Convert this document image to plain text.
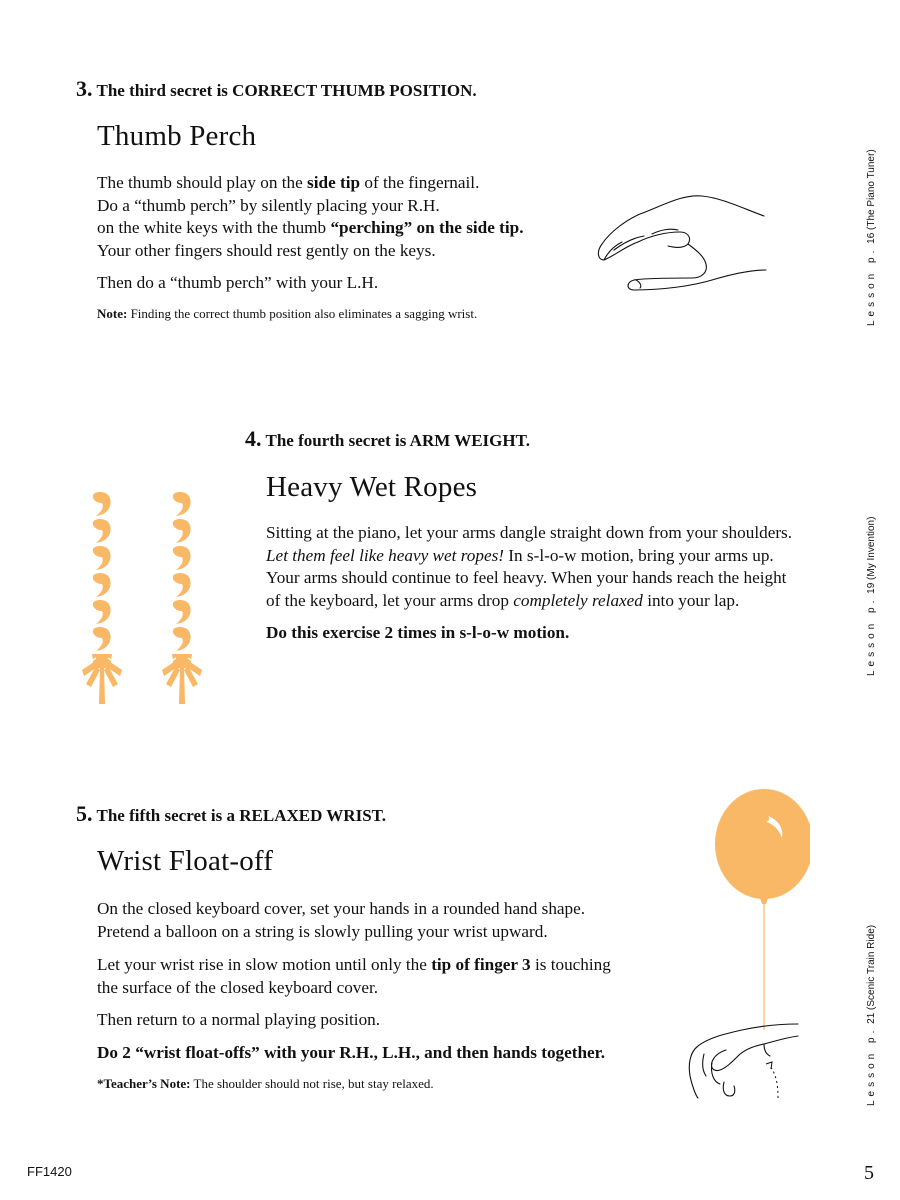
3. The third secret is CORRECT THUMB POSITION.
Thumb Perch

The thumb should play on the side tip of the fingernail.

Do a “thumb perch” by silently placing your R.H.

on the white keys with the thumb “perching” on the side tip.

Your other fingers should rest gently on the keys.

Then do a “thumb perch” with your L.H.
Note: Finding the correct thumb position also eliminates a sagging wrist.	Lesson p. 16 (The Piano Tuner)
4. The fourth secret is ARM WEIGHT.
Heavy Wet Ropes

Sitting at the piano, let your arms dangle straight down from your shoulders.

Let them feel like heavy wet ropes! In s-l-o-w motion, bring your arms up.

Your arms should continue to feel heavy. When your hands reach the height

of the keyboard, let your arms drop completely relaxed into your lap.

Do this exercise 2 times in s-l-o-w motion.	Lesson p. 19 (My Invention)
5. The fifth secret is a RELAXED WRIST.
Wrist Float-off

On the closed keyboard cover, set your hands in a rounded hand shape.

Pretend a balloon on a string is slowly pulling your wrist upward.

Let your wrist rise in slow motion until only the tip of finger 3 is touching

the surface of the closed keyboard cover.

Then return to a normal playing position.
Do 2 “wrist float-offs” with your R.H., L.H., and then hands together.
*Teacher’s Note: The shoulder should not rise, but stay relaxed.	Lesson p. 21 (Scenic Train Ride)
FF1420	5
